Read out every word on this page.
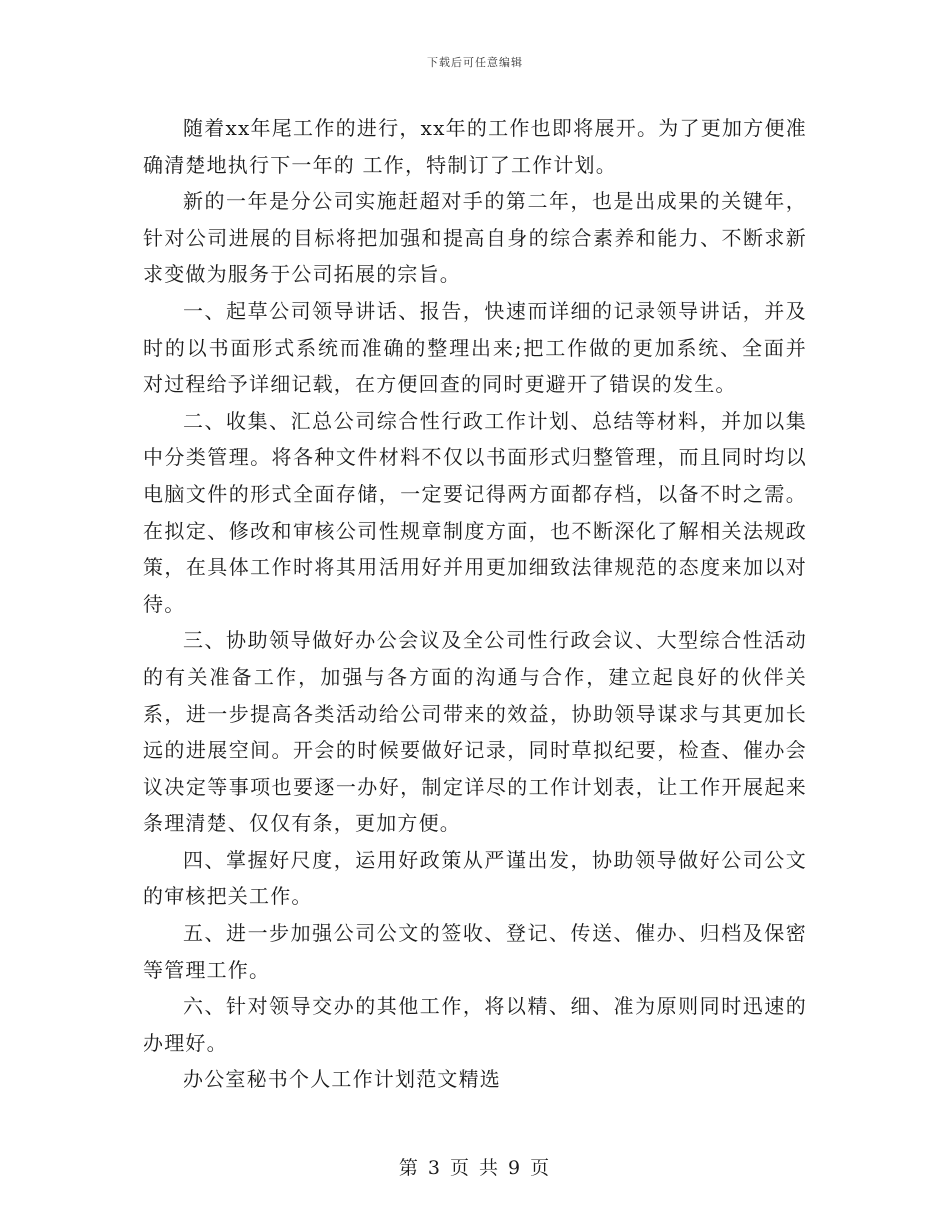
下载后可任意编辑

随着xx年尾工作的进行，xx年的工作也即将展开。为了更加方便准确清楚地执行下一年的 工作，特制订了工作计划。

新的一年是分公司实施赶超对手的第二年，也是出成果的关键年，针对公司进展的目标将把加强和提高自身的综合素养和能力、不断求新求变做为服务于公司拓展的宗旨。

一、起草公司领导讲话、报告，快速而详细的记录领导讲话，并及时的以书面形式系统而准确的整理出来;把工作做的更加系统、全面并对过程给予详细记载，在方便回查的同时更避开了错误的发生。

二、收集、汇总公司综合性行政工作计划、总结等材料，并加以集中分类管理。将各种文件材料不仅以书面形式归整管理，而且同时均以电脑文件的形式全面存储，一定要记得两方面都存档，以备不时之需。在拟定、修改和审核公司性规章制度方面，也不断深化了解相关法规政策，在具体工作时将其用活用好并用更加细致法律规范的态度来加以对待。

三、协助领导做好办公会议及全公司性行政会议、大型综合性活动的有关准备工作，加强与各方面的沟通与合作，建立起良好的伙伴关系，进一步提高各类活动给公司带来的效益，协助领导谋求与其更加长远的进展空间。开会的时候要做好记录，同时草拟纪要，检查、催办会议决定等事项也要逐一办好，制定详尽的工作计划表，让工作开展起来条理清楚、仅仅有条，更加方便。

四、掌握好尺度，运用好政策从严谨出发，协助领导做好公司公文的审核把关工作。

五、进一步加强公司公文的签收、登记、传送、催办、归档及保密等管理工作。

六、针对领导交办的其他工作，将以精、细、准为原则同时迅速的办理好。

办公室秘书个人工作计划范文精选

第 3 页 共 9 页
